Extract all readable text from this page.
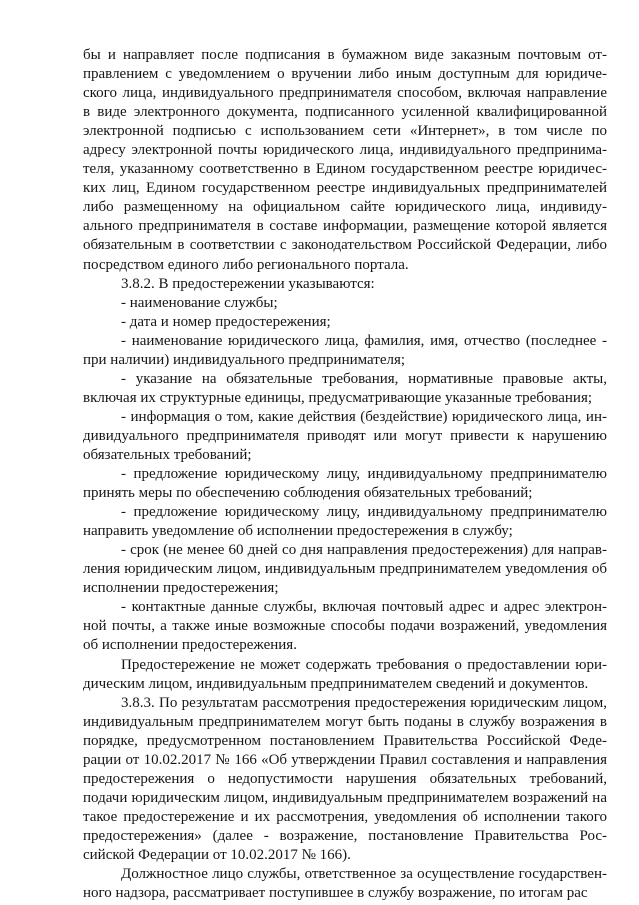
бы и направляет после подписания в бумажном виде заказным почтовым отправлением с уведомлением о вручении либо иным доступным для юридического лица, индивидуального предпринимателя способом, включая направление в виде электронного документа, подписанного усиленной квалифицированной электронной подписью с использованием сети «Интернет», в том числе по адресу электронной почты юридического лица, индивидуального предпринимателя, указанному соответственно в Едином государственном реестре юридических лиц, Едином государственном реестре индивидуальных предпринимателей либо размещенному на официальном сайте юридического лица, индивидуального предпринимателя в составе информации, размещение которой является обязательным в соответствии с законодательством Российской Федерации, либо посредством единого либо регионального портала.

3.8.2. В предостережении указываются:

- наименование службы;

- дата и номер предостережения;

- наименование юридического лица, фамилия, имя, отчество (последнее - при наличии) индивидуального предпринимателя;

- указание на обязательные требования, нормативные правовые акты, включая их структурные единицы, предусматривающие указанные требования;

- информация о том, какие действия (бездействие) юридического лица, индивидуального предпринимателя приводят или могут привести к нарушению обязательных требований;

- предложение юридическому лицу, индивидуальному предпринимателю принять меры по обеспечению соблюдения обязательных требований;

- предложение юридическому лицу, индивидуальному предпринимателю направить уведомление об исполнении предостережения в службу;

- срок (не менее 60 дней со дня направления предостережения) для направления юридическим лицом, индивидуальным предпринимателем уведомления об исполнении предостережения;

- контактные данные службы, включая почтовый адрес и адрес электронной почты, а также иные возможные способы подачи возражений, уведомления об исполнении предостережения.

Предостережение не может содержать требования о предоставлении юридическим лицом, индивидуальным предпринимателем сведений и документов.

3.8.3. По результатам рассмотрения предостережения юридическим лицом, индивидуальным предпринимателем могут быть поданы в службу возражения в порядке, предусмотренном постановлением Правительства Российской Федерации от 10.02.2017 № 166 «Об утверждении Правил составления и направления предостережения о недопустимости нарушения обязательных требований, подачи юридическим лицом, индивидуальным предпринимателем возражений на такое предостережение и их рассмотрения, уведомления об исполнении такого предостережения» (далее - возражение, постановление Правительства Российской Федерации от 10.02.2017 № 166).

Должностное лицо службы, ответственное за осуществление государственного надзора, рассматривает поступившее в службу возражение, по итогам рас
